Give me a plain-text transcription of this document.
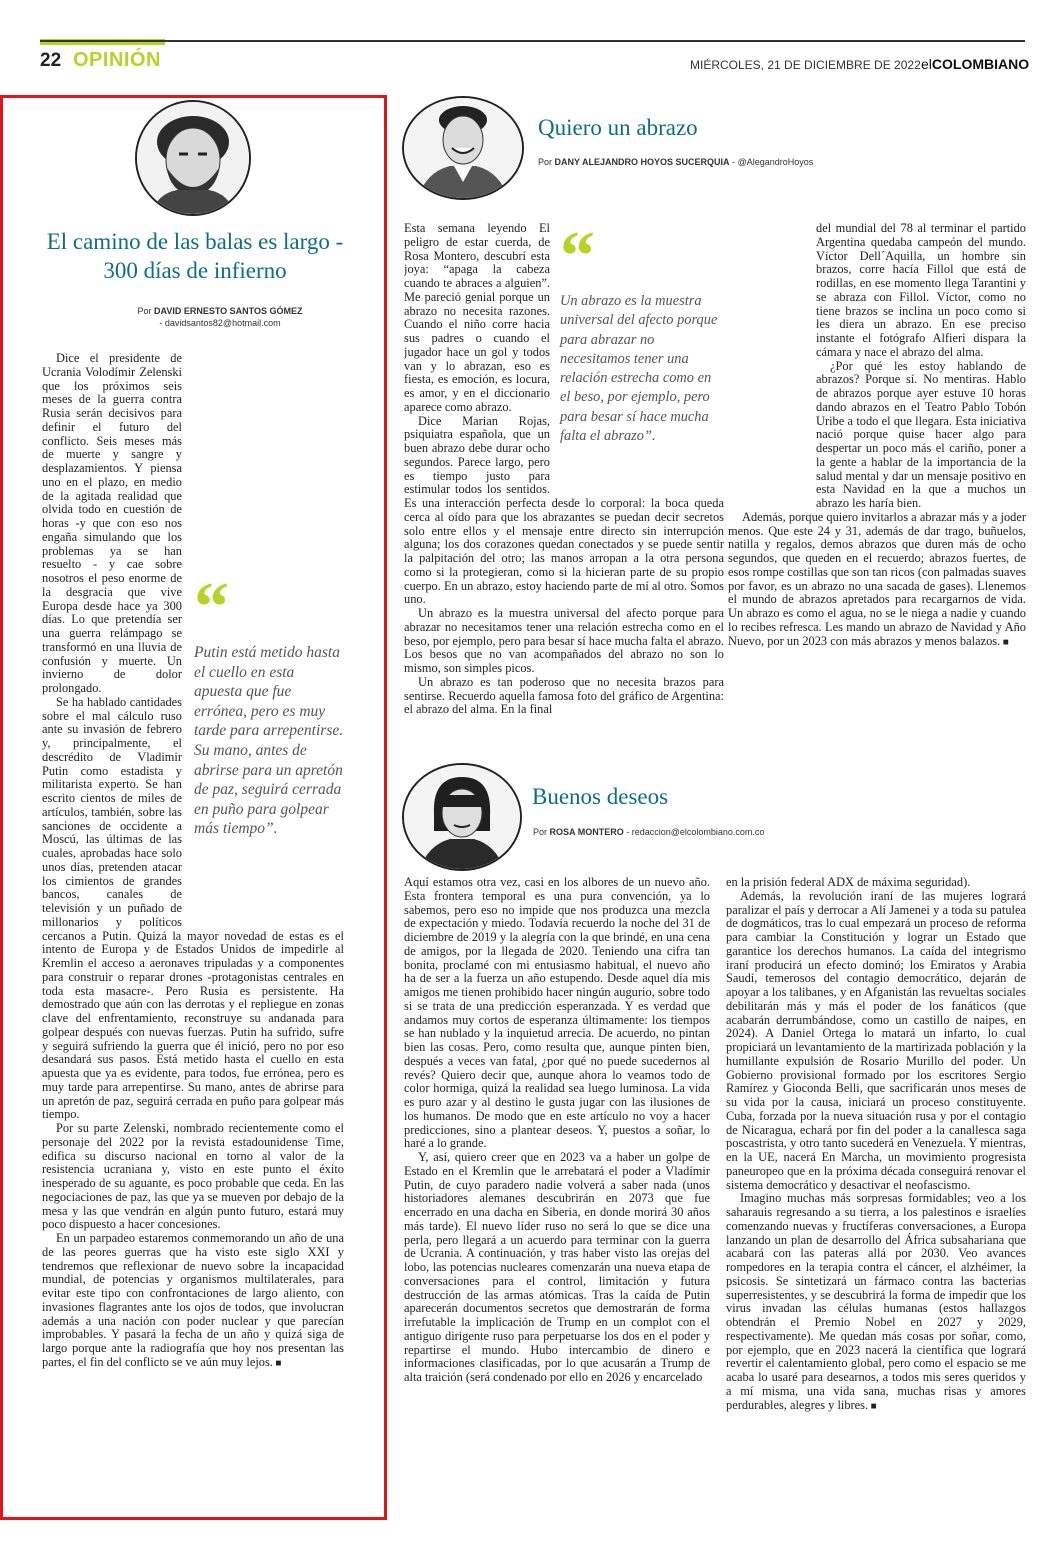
22 OPINIÓN	MIÉRCOLES, 21 DE DICIEMBRE DE 2022 elCOLOMBIANO
El camino de las balas es largo - 300 días de infierno
Por DAVID ERNESTO SANTOS GÓMEZ
- davidsantos82@hotmail.com
“
Putin está metido hasta el cuello en esta apuesta que fue errónea, pero es muy tarde para arrepentirse. Su mano, antes de abrirse para un apretón de paz, seguirá cerrada en puño para golpear más tiempo”.

Dice el presidente de Ucrania Volodímir Zelenski que los próximos seis meses de la guerra contra Rusia serán decisivos para definir el futuro del conflicto. Seis meses más de muerte y sangre y desplazamientos. Y piensa uno en el plazo, en medio de la agitada realidad que olvida todo en cuestión de horas -y que con eso nos engaña simulando que los problemas ya se han resuelto - y cae sobre nosotros el peso enorme de la desgracia que vive Europa desde hace ya 300 días. Lo que pretendía ser una guerra relámpago se transformó en una lluvia de confusión y muerte. Un invierno de dolor prolongado.

Se ha hablado cantidades sobre el mal cálculo ruso ante su invasión de febrero y, principalmente, el descrédito de Vladimir Putin como estadista y militarista experto. Se han escrito cientos de miles de artículos, también, sobre las sanciones de occidente a Moscú, las últimas de las cuales, aprobadas hace solo unos días, pretenden atacar los cimientos de grandes bancos, canales de televisión y un puñado de millonarios y políticos cercanos a Putin. Quizá la mayor novedad de estas es el intento de Europa y de Estados Unidos de impedirle al Kremlin el acceso a aeronaves tripuladas y a componentes para construir o reparar drones -protagonistas centrales en toda esta masacre-. Pero Rusia es persistente. Ha demostrado que aún con las derrotas y el repliegue en zonas clave del enfrentamiento, reconstruye su andanada para golpear después con nuevas fuerzas. Putin ha sufrido, sufre y seguirá sufriendo la guerra que él inició, pero no por eso desandará sus pasos. Está metido hasta el cuello en esta apuesta que ya es evidente, para todos, fue errónea, pero es muy tarde para arrepentirse. Su mano, antes de abrirse para un apretón de paz, seguirá cerrada en puño para golpear más tiempo.

Por su parte Zelenski, nombrado recientemente como el personaje del 2022 por la revista estadounidense Time, edifica su discurso nacional en torno al valor de la resistencia ucraniana y, visto en este punto el éxito inesperado de su aguante, es poco probable que ceda. En las negociaciones de paz, las que ya se mueven por debajo de la mesa y las que vendrán en algún punto futuro, estará muy poco dispuesto a hacer concesiones.

En un parpadeo estaremos conmemorando un año de una de las peores guerras que ha visto este siglo XXI y tendremos que reflexionar de nuevo sobre la incapacidad mundial, de potencias y organismos multilaterales, para evitar este tipo con confrontaciones de largo aliento, con invasiones flagrantes ante los ojos de todos, que involucran además a una nación con poder nuclear y que parecían improbables. Y pasará la fecha de un año y quizá siga de largo porque ante la radiografía que hoy nos presentan las partes, el fin del conflicto se ve aún muy lejos. ■

Quiero un abrazo
Por DANY ALEJANDRO HOYOS SUCERQUIA - @AlegandroHoyos
“
Un abrazo es la muestra universal del afecto porque para abrazar no necesitamos tener una relación estrecha como en el beso, por ejemplo, pero para besar sí hace mucha falta el abrazo”.

Esta semana leyendo El peligro de estar cuerda, de Rosa Montero, descubrí esta joya: “apaga la cabeza cuando te abraces a alguien”. Me pareció genial porque un abrazo no necesita razones. Cuando el niño corre hacia sus padres o cuando el jugador hace un gol y todos van y lo abrazan, eso es fiesta, es emoción, es locura, es amor, y en el diccionario aparece como abrazo.

Dice Marian Rojas, psiquiatra española, que un buen abrazo debe durar ocho segundos. Parece largo, pero es tiempo justo para estimular todos los sentidos. Es una interacción perfecta desde lo corporal: la boca queda cerca al oído para que los abrazantes se puedan decir secretos solo entre ellos y el mensaje entre directo sin interrupción alguna; los dos corazones quedan conectados y se puede sentir la palpitación del otro; las manos arropan a la otra persona como si la protegieran, como si la hicieran parte de su propio cuerpo. En un abrazo, estoy haciendo parte de mí al otro. Somos uno.

Un abrazo es la muestra universal del afecto porque para abrazar no necesitamos tener una relación estrecha como en el beso, por ejemplo, pero para besar sí hace mucha falta el abrazo. Los besos que no van acompañados del abrazo no son lo mismo, son simples picos.

Un abrazo es tan poderoso que no necesita brazos para sentirse. Recuerdo aquella famosa foto del gráfico de Argentina: el abrazo del alma. En la final

del mundial del 78 al terminar el partido Argentina quedaba campeón del mundo. Víctor Dell´Aquilla, un hombre sin brazos, corre hacía Fillol que está de rodillas, en ese momento llega Tarantini y se abraza con Fillol. Víctor, como no tiene brazos se inclina un poco como si les diera un abrazo. En ese preciso instante el fotógrafo Alfieri dispara la cámara y nace el abrazo del alma.

¿Por qué les estoy hablando de abrazos? Porque sí. No mentiras. Hablo de abrazos porque ayer estuve 10 horas dando abrazos en el Teatro Pablo Tobón Uribe a todo el que llegara. Esta iniciativa nació porque quise hacer algo para despertar un poco más el cariño, poner a la gente a hablar de la importancia de la salud mental y dar un mensaje positivo en esta Navidad en la que a muchos un abrazo les haría bien.

Además, porque quiero invitarlos a abrazar más y a joder menos. Que este 24 y 31, además de dar trago, buñuelos, natilla y regalos, demos abrazos que duren más de ocho segundos, que queden en el recuerdo; abrazos fuertes, de esos rompe costillas que son tan ricos (con palmadas suaves por favor, es un abrazo no una sacada de gases). Llenemos el mundo de abrazos apretados para recargarnos de vida. Un abrazo es como el agua, no se le niega a nadie y cuando lo recibes refresca. Les mando un abrazo de Navidad y Año Nuevo, por un 2023 con más abrazos y menos balazos. ■

Buenos deseos
Por ROSA MONTERO - redaccion@elcolombiano.com.co

Aquí estamos otra vez, casi en los albores de un nuevo año. Esta frontera temporal es una pura convención, ya lo sabemos, pero eso no impide que nos produzca una mezcla de expectación y miedo. Todavía recuerdo la noche del 31 de diciembre de 2019 y la alegría con la que brindé, en una cena de amigos, por la llegada de 2020. Teniendo una cifra tan bonita, proclamé con mi entusiasmo habitual, el nuevo año ha de ser a la fuerza un año estupendo. Desde aquel día mis amigos me tienen prohibido hacer ningún augurio, sobre todo si se trata de una predicción esperanzada. Y es verdad que andamos muy cortos de esperanza últimamente: los tiempos se han nublado y la inquietud arrecia. De acuerdo, no pintan bien las cosas. Pero, como resulta que, aunque pinten bien, después a veces van fatal, ¿por qué no puede sucedernos al revés? Quiero decir que, aunque ahora lo veamos todo de color hormiga, quizá la realidad sea luego luminosa. La vida es puro azar y al destino le gusta jugar con las ilusiones de los humanos. De modo que en este artículo no voy a hacer predicciones, sino a plantear deseos. Y, puestos a soñar, lo haré a lo grande.

Y, así, quiero creer que en 2023 va a haber un golpe de Estado en el Kremlin que le arrebatará el poder a Vladímir Putin, de cuyo paradero nadie volverá a saber nada (unos historiadores alemanes descubrirán en 2073 que fue encerrado en una dacha en Siberia, en donde morirá 30 años más tarde). El nuevo líder ruso no será lo que se dice una perla, pero llegará a un acuerdo para terminar con la guerra de Ucrania. A continuación, y tras haber visto las orejas del lobo, las potencias nucleares comenzarán una nueva etapa de conversaciones para el control, limitación y futura destrucción de las armas atómicas. Tras la caída de Putin aparecerán documentos secretos que demostrarán de forma irrefutable la implicación de Trump en un complot con el antiguo dirigente ruso para perpetuarse los dos en el poder y repartirse el mundo. Hubo intercambio de dinero e informaciones clasificadas, por lo que acusarán a Trump de alta traición (será condenado por ello en 2026 y encarcelado

en la prisión federal ADX de máxima seguridad).

Además, la revolución iraní de las mujeres logrará paralizar el país y derrocar a Alí Jamenei y a toda su patulea de dogmáticos, tras lo cual empezará un proceso de reforma para cambiar la Constitución y lograr un Estado que garantice los derechos humanos. La caída del integrismo iraní producirá un efecto dominó; los Emiratos y Arabia Saudí, temerosos del contagio democrático, dejarán de apoyar a los talibanes, y en Afganistán las revueltas sociales debilitarán más y más el poder de los fanáticos (que acabarán derrumbándose, como un castillo de naipes, en 2024). A Daniel Ortega lo matará un infarto, lo cual propiciará un levantamiento de la martirizada población y la humillante expulsión de Rosario Murillo del poder. Un Gobierno provisional formado por los escritores Sergio Ramírez y Gioconda Belli, que sacrificarán unos meses de su vida por la causa, iniciará un proceso constituyente. Cuba, forzada por la nueva situación rusa y por el contagio de Nicaragua, echará por fin del poder a la canallesca saga poscastrista, y otro tanto sucederá en Venezuela. Y mientras, en la UE, nacerá En Marcha, un movimiento progresista paneuropeo que en la próxima década conseguirá renovar el sistema democrático y desactivar el neofascismo.

Imagino muchas más sorpresas formidables; veo a los saharauis regresando a su tierra, a los palestinos e israelíes comenzando nuevas y fructíferas conversaciones, a Europa lanzando un plan de desarrollo del África subsahariana que acabará con las pateras allá por 2030. Veo avances rompedores en la terapia contra el cáncer, el alzhéimer, la psicosis. Se sintetizará un fármaco contra las bacterias superresistentes, y se descubrirá la forma de impedir que los virus invadan las células humanas (estos hallazgos obtendrán el Premio Nobel en 2027 y 2029, respectivamente). Me quedan más cosas por soñar, como, por ejemplo, que en 2023 nacerá la científica que logrará revertir el calentamiento global, pero como el espacio se me acaba lo usaré para desearnos, a todos mis seres queridos y a mí misma, una vida sana, muchas risas y amores perdurables, alegres y libres. ■
